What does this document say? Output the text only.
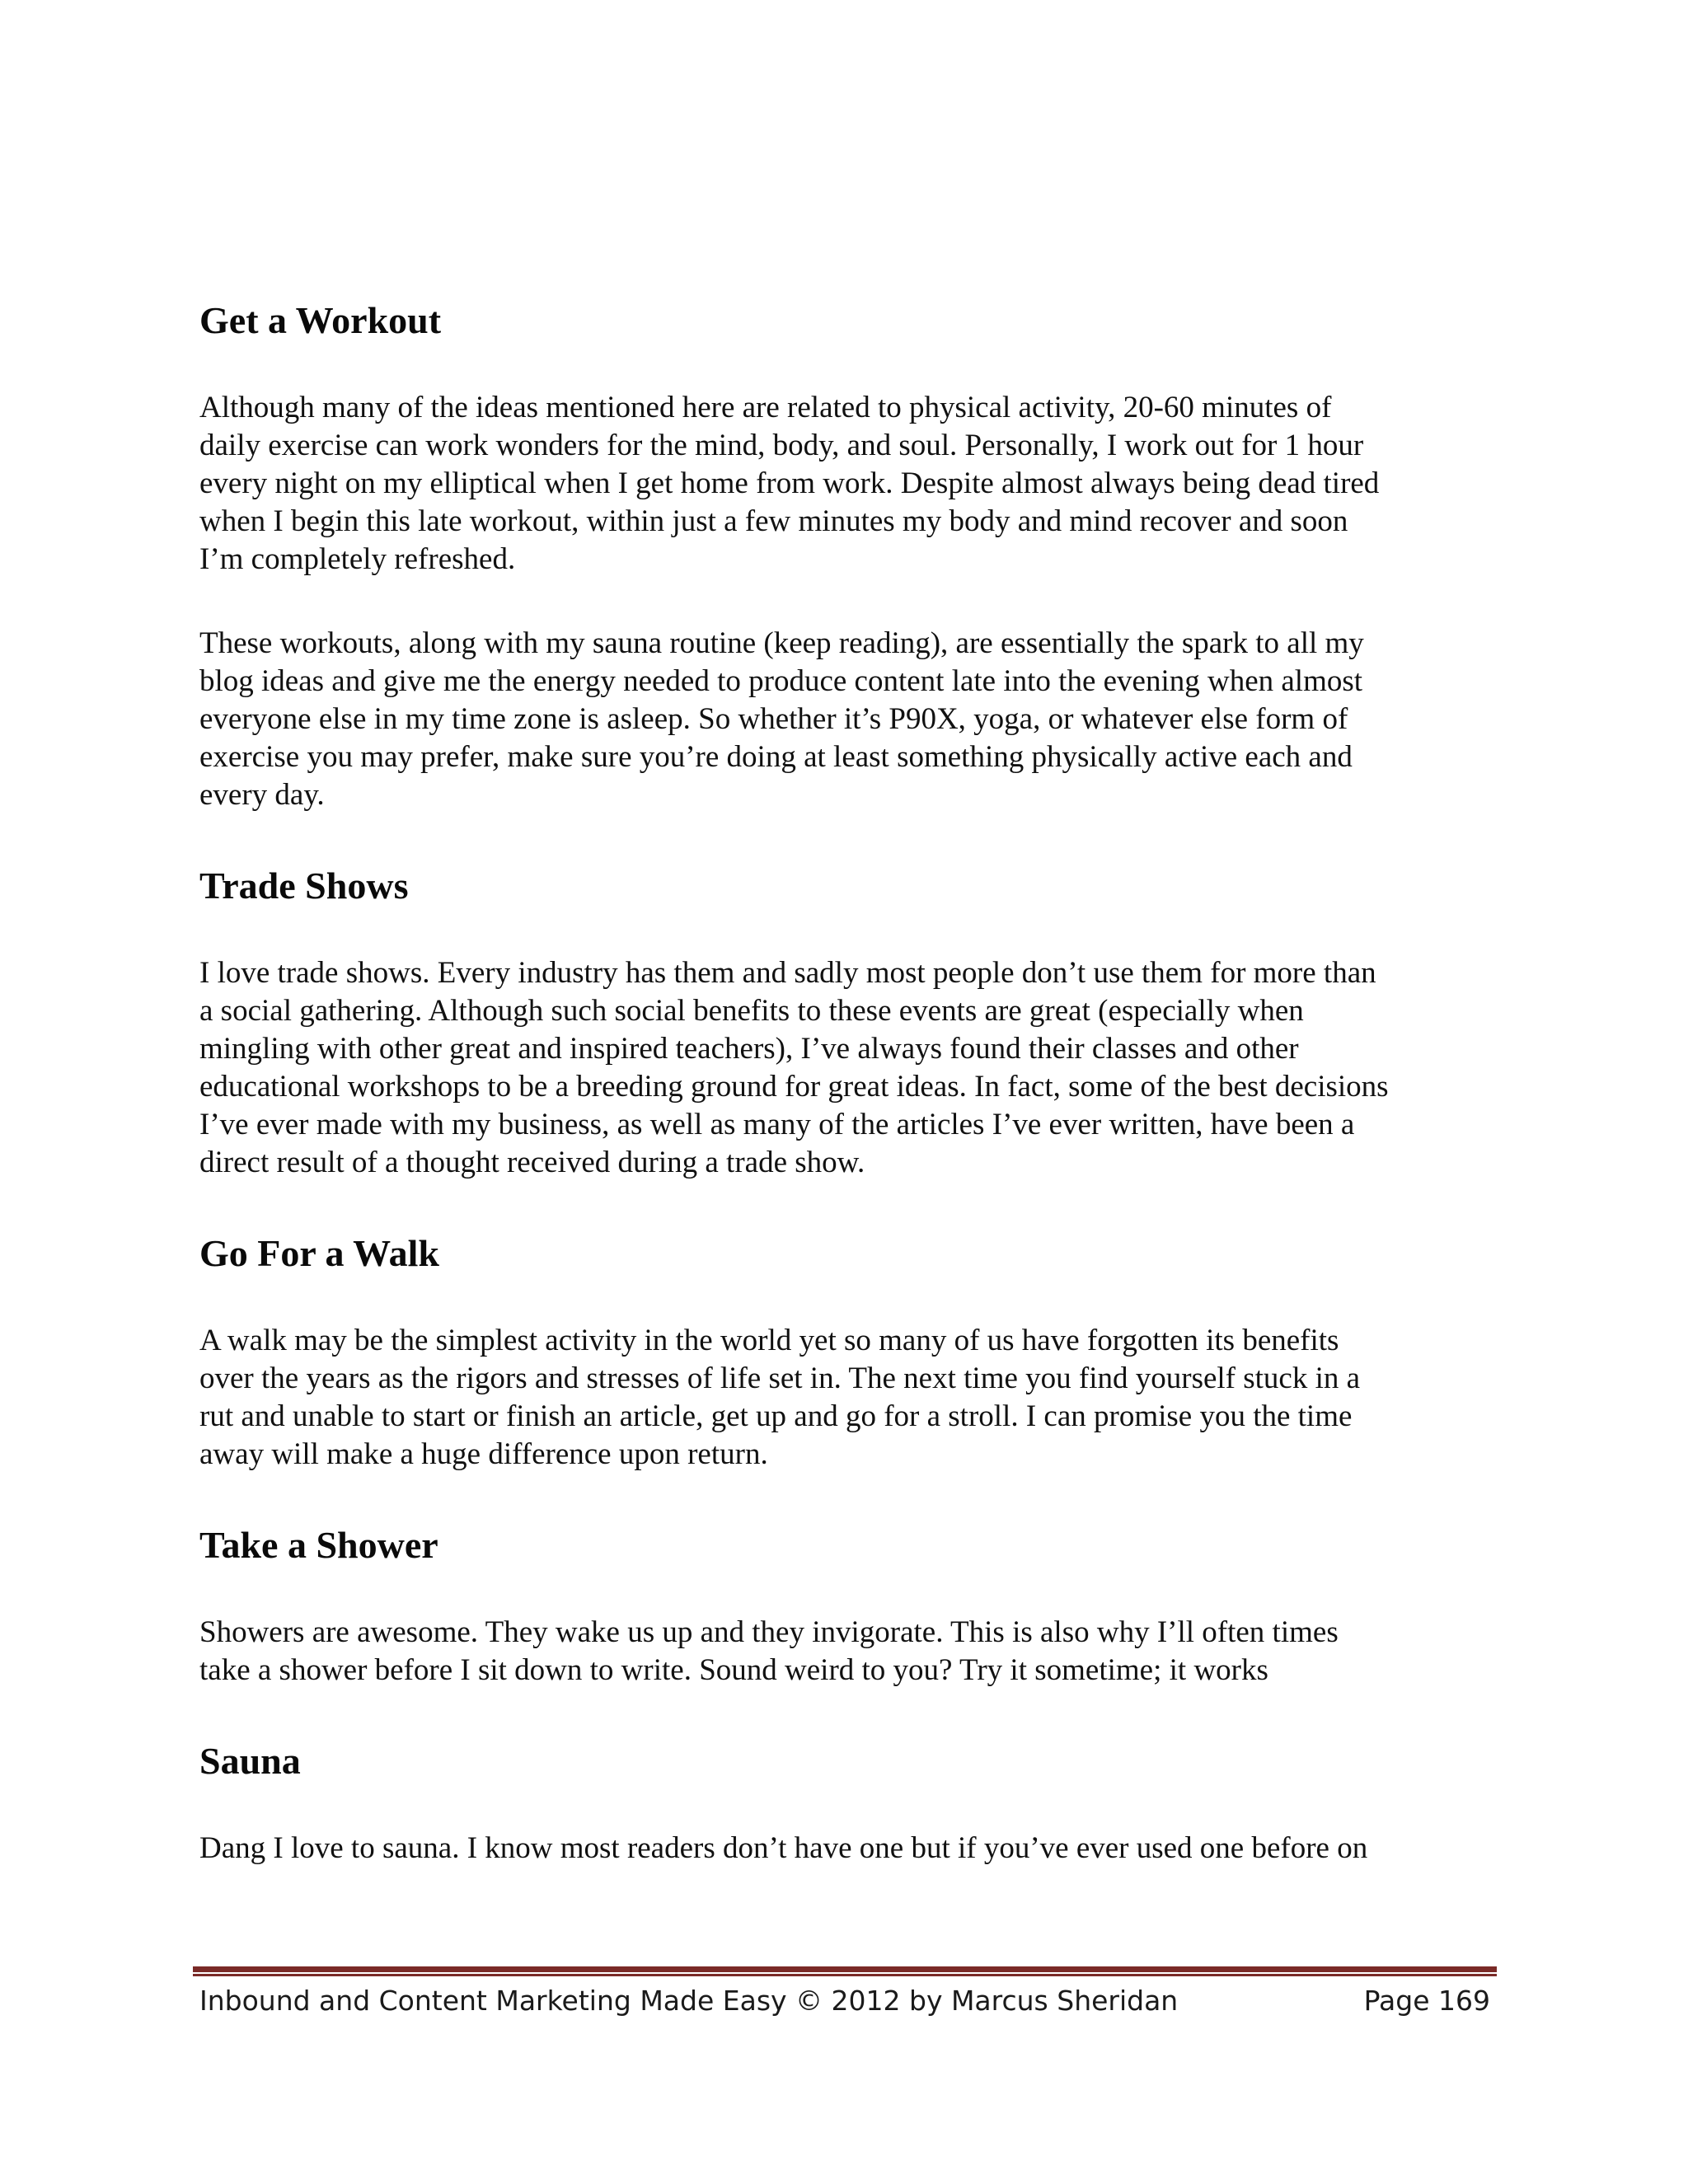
Get a Workout

Although many of the ideas mentioned here are related to physical activity, 20-60 minutes of
daily exercise can work wonders for the mind, body, and soul. Personally, I work out for 1 hour
every night on my elliptical when I get home from work. Despite almost always being dead tired
when I begin this late workout, within just a few minutes my body and mind recover and soon
I’m completely refreshed.

These workouts, along with my sauna routine (keep reading), are essentially the spark to all my
blog ideas and give me the energy needed to produce content late into the evening when almost
everyone else in my time zone is asleep. So whether it’s P90X, yoga, or whatever else form of
exercise you may prefer, make sure you’re doing at least something physically active each and
every day.

Trade Shows

I love trade shows. Every industry has them and sadly most people don’t use them for more than
a social gathering. Although such social benefits to these events are great (especially when
mingling with other great and inspired teachers), I’ve always found their classes and other
educational workshops to be a breeding ground for great ideas. In fact, some of the best decisions
I’ve ever made with my business, as well as many of the articles I’ve ever written, have been a
direct result of a thought received during a trade show.

Go For a Walk

A walk may be the simplest activity in the world yet so many of us have forgotten its benefits
over the years as the rigors and stresses of life set in. The next time you find yourself stuck in a
rut and unable to start or finish an article, get up and go for a stroll. I can promise you the time
away will make a huge difference upon return.

Take a Shower

Showers are awesome. They wake us up and they invigorate. This is also why I’ll often times
take a shower before I sit down to write. Sound weird to you? Try it sometime; it works

Sauna

Dang I love to sauna. I know most readers don’t have one but if you’ve ever used one before on

Inbound and Content Marketing Made Easy © 2012 by Marcus Sheridan	Page 169
